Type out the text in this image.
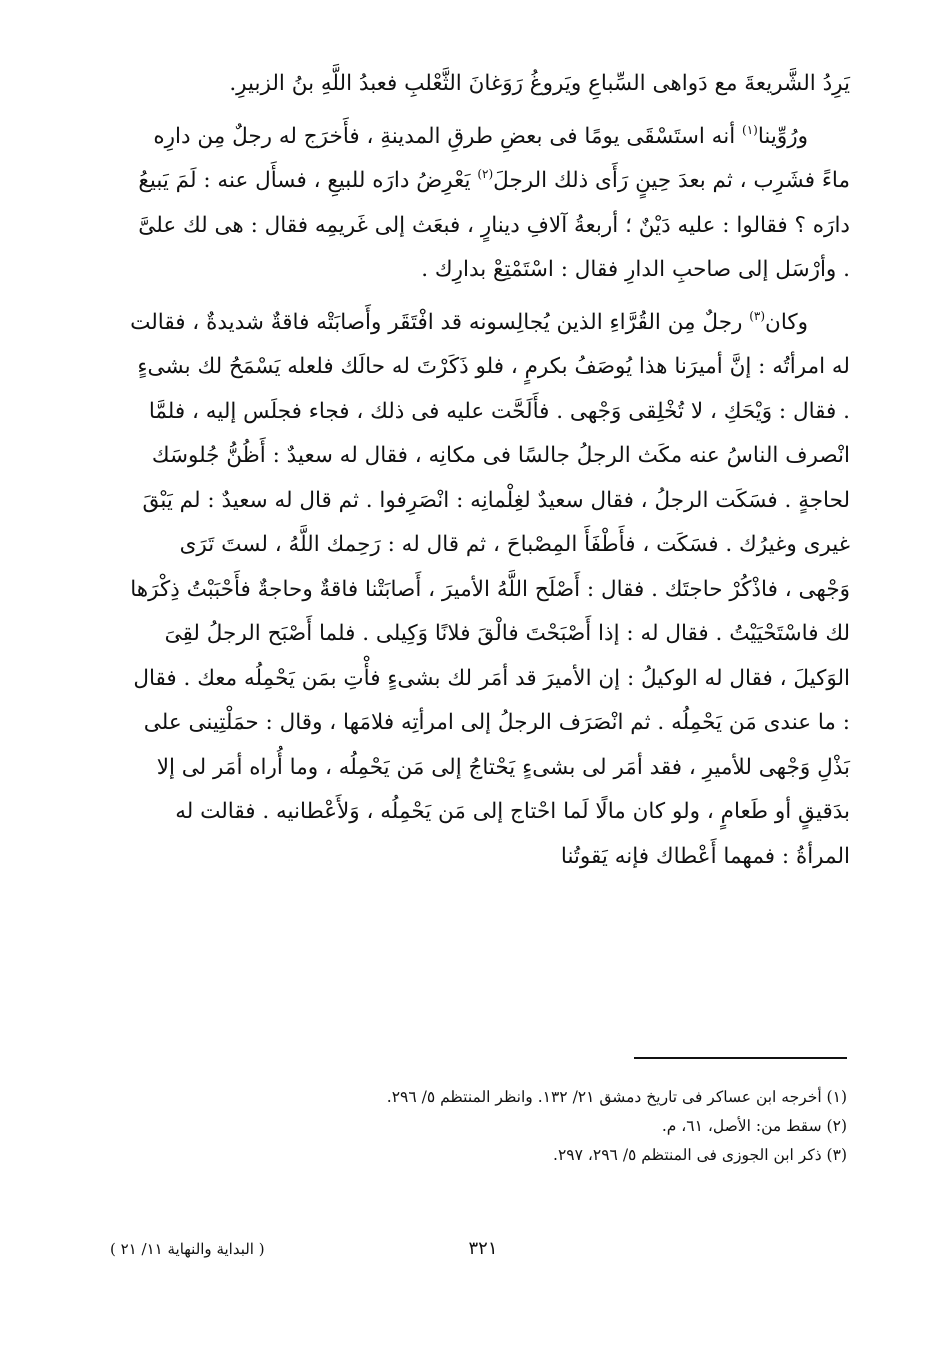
يَرِدُ الشَّريعةَ مع دَواهى السِّباعِ ويَروغُ رَوَغانَ الثَّعْلبِ فعبدُ اللَّهِ بنُ الزبيرِ.

ورُوِّينا$^{(١)}$ أنه استَسْقَى يومًا فى بعضِ طرقِ المدينةِ ، فأَخرَج له رجلٌ مِن دارِه ماءً فشَرِب ، ثم بعدَ حِينٍ رَأَى ذلك الرجلَ$^{(٢)}$ يَعْرِضُ دارَه للبيعِ ، فسأَل عنه : لَمَ يَبيعُ دارَه ؟ فقالوا : عليه دَيْنٌ ؛ أربعةُ آلافِ دينارٍ ، فبعَث إلى غَريمِه فقال : هى لك علىَّ . وأرْسَل إلى صاحبِ الدارِ فقال : اسْتَمْتِعْ بدارِك .

وكان$^{(٣)}$ رجلٌ مِن القُرَّاءِ الذين يُجالِسونه قد افْتَقَر وأَصابَتْه فاقةٌ شديدةٌ ، فقالت له امرأتُه : إنَّ أميرَنا هذا يُوصَفُ بكرمٍ ، فلو ذَكَرْتَ له حالَك فلعله يَسْمَحُ لك بشىءٍ . فقال : وَيْحَكِ ، لا تُخْلِقى وَجْهى . فأَلَحَّت عليه فى ذلك ، فجاء فجلَس إليه ، فلمَّا انْصرف الناسُ عنه مكَث الرجلُ جالسًا فى مكانِه ، فقال له سعيدٌ : أَظُنُّ جُلوسَك لحاجةٍ . فسَكَت الرجلُ ، فقال سعيدٌ لغِلْمانِه : انْصَرِفوا . ثم قال له سعيدٌ : لم يَبْقَ غيرى وغيرُك . فسَكَت ، فأَطْفَأَ المِصْباحَ ، ثم قال له : رَحِمك اللَّهُ ، لستَ تَرَى وَجْهى ، فاذْكُرْ حاجتَك . فقال : أَصْلَح اللَّهُ الأميرَ ، أَصابَتْنا فاقةٌ وحاجةٌ فأَحْبَبْتُ ذِكْرَها لك فاسْتَحْيَيْتُ . فقال له : إذا أَصْبَحْتَ فالْقَ فلانًا وَكِيلى . فلما أَصْبَح الرجلُ لقِىَ الوَكيلَ ، فقال له الوكيلُ : إن الأميرَ قد أمَر لك بشىءٍ فأْتِ بمَن يَحْمِلُه معك . فقال : ما عندى مَن يَحْمِلُه . ثم انْصَرَف الرجلُ إلى امرأتِه فلامَها ، وقال : حمَلْتِينى على بَذْلِ وَجْهى للأميرِ ، فقد أمَر لى بشىءٍ يَحْتاجُ إلى مَن يَحْمِلُه ، وما أُراه أمَر لى إلا بدَقيقٍ أو طَعامٍ ، ولو كان مالًا لَما احْتاج إلى مَن يَحْمِلُه ، وَلأَعْطانيه . فقالت له المرأةُ : فمهما أَعْطاك فإنه يَقوتُنا

(١) أخرجه ابن عساكر فى تاريخ دمشق ٢١/ ١٣٢. وانظر المنتظم ٥/ ٢٩٦.
(٢) سقط من: الأصل، ٦١، م.
(٣) ذكر ابن الجوزى فى المنتظم ٥/ ٢٩٦، ٢٩٧.
٣٢١
( البداية والنهاية ١١/ ٢١ )
